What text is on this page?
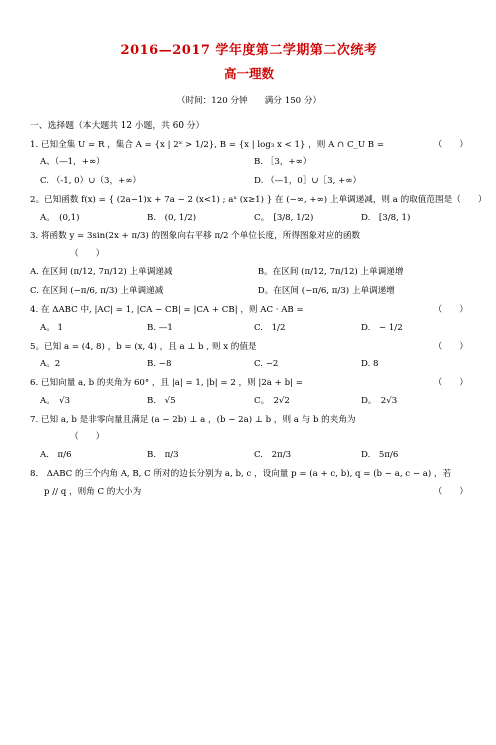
2016—2017 学年度第二学期第二次统考
高一理数
（时间：120 分钟　　满分 150 分）
一、选择题（本大题共 12 小题，共 60 分）
1. 已知全集 U = R ，集合 A = {x | 2ˣ > 1/2}, B = {x | log₃ x < 1} ，则 A ∩ C_U B =	（　　）
A、（—1，+∞）	B. ［3，+∞）
C. （-1, 0）∪（3，+∞）	D. （—1，0］∪［3, +∞）
2。已知函数 f(x) = { (2a−1)x + 7a − 2 (x<1) ; aˣ (x≥1) } 在 (−∞, +∞) 上单调递减，则 a 的取值范围是（　　）
A。　(0,1)	B.　(0, 1/2)	C。　[3/8, 1/2)	D.　[3/8, 1)
3. 将函数 y = 3sin(2x + π/3) 的图象向右平移 π/2 个单位长度，所得图象对应的函数
（　　）
A. 在区间 (π/12, 7π/12) 上单调递减	B。在区间 (π/12, 7π/12) 上单调递增
C. 在区间 (−π/6, π/3) 上单调递减	D。在区间 (−π/6, π/3) 上单调递增
4. 在 ΔABC 中, |AC| = 1, |CA − CB| = |CA + CB| ，则 AC · AB =	（　　）
A。 1	B. —1	C.　1/2	D.　− 1/2
5。已知 a = (4, 8) ，b = (x, 4) ，且 a ⊥ b , 则 x 的值是	（　　）
A。2	B. −8	C. −2	D. 8
6. 已知向量 a, b 的夹角为 60° ，且 |a| = 1, |b| = 2 ，则 |2a + b| =	（　　）
A。　√3	B.　√5	C。　2√2	D。　2√3
7. 已知 a, b 是非零向量且满足 (a − 2b) ⊥ a ，(b − 2a) ⊥ b ，则 a 与 b 的夹角为
（　　）
A.　π/6	B.　π/3	C.　2π/3	D.　5π/6
8.　ΔABC 的三个内角 A, B, C 所对的边长分别为 a, b, c ，设向量 p = (a + c, b), q = (b − a, c − a) ，若
p // q ，则角 C 的大小为	（　　）
